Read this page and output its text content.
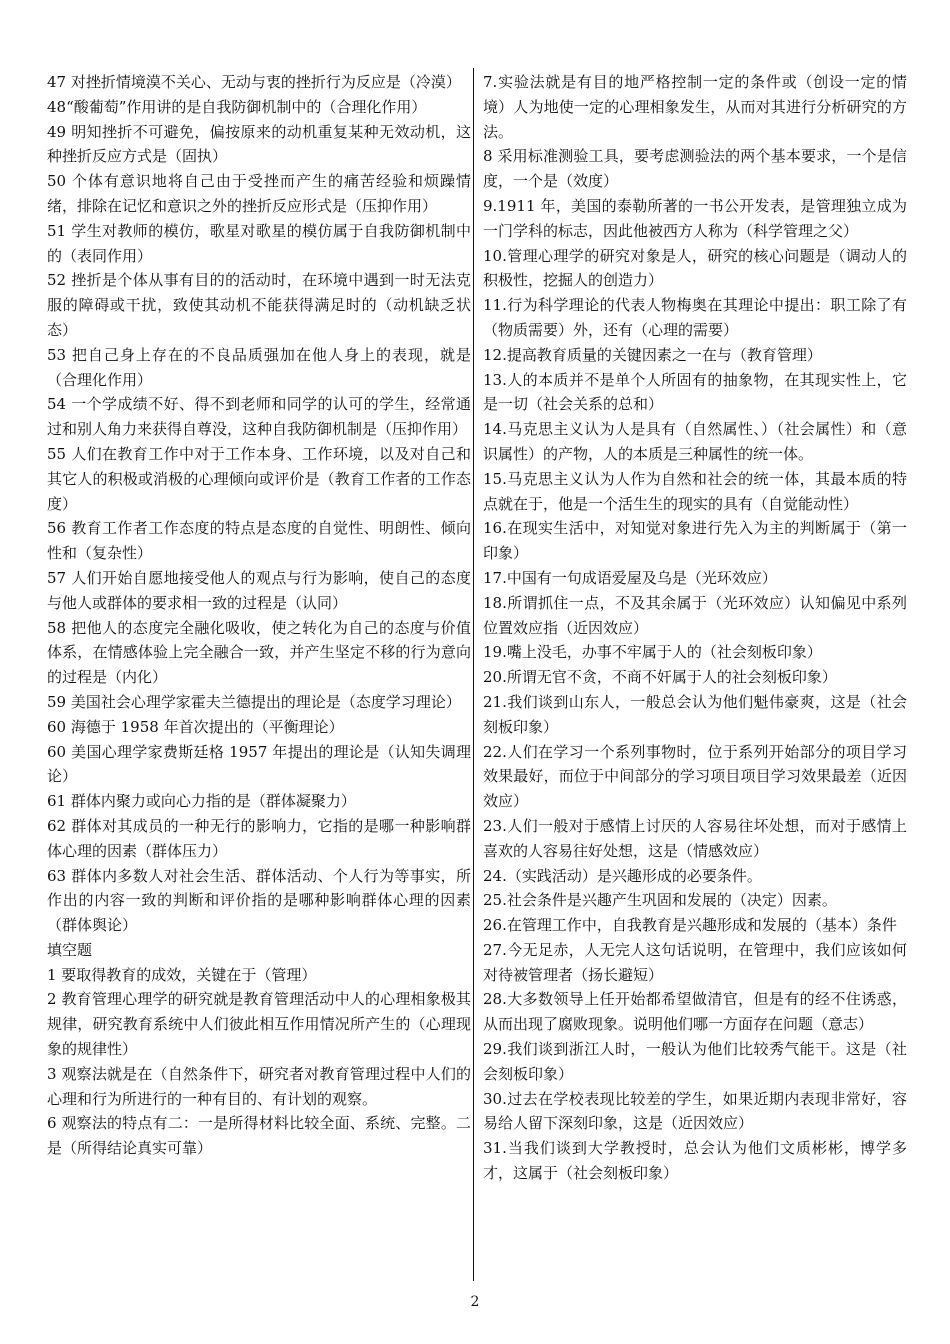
47 对挫折情境漠不关心、无动与衷的挫折行为反应是（冷漠）

48“酸葡萄”作用讲的是自我防御机制中的（合理化作用）

49 明知挫折不可避免，偏按原来的动机重复某种无效动机，这种挫折反应方式是（固执）

50 个体有意识地将自己由于受挫而产生的痛苦经验和烦躁情绪，排除在记忆和意识之外的挫折反应形式是（压抑作用）

51 学生对教师的模仿，歌星对歌星的模仿属于自我防御机制中的（表同作用）

52 挫折是个体从事有目的的活动时，在环境中遇到一时无法克服的障碍或干扰，致使其动机不能获得满足时的（动机缺乏状态）

53 把自己身上存在的不良品质强加在他人身上的表现，就是（合理化作用）

54 一个学成绩不好、得不到老师和同学的认可的学生，经常通过和别人角力来获得自尊没，这种自我防御机制是（压抑作用）

55 人们在教育工作中对于工作本身、工作环境，以及对自己和其它人的积极或消极的心理倾向或评价是（教育工作者的工作态度）

56 教育工作者工作态度的特点是态度的自觉性、明朗性、倾向性和（复杂性）

57 人们开始自愿地接受他人的观点与行为影响，使自己的态度与他人或群体的要求相一致的过程是（认同）

58 把他人的态度完全融化吸收，使之转化为自己的态度与价值体系，在情感体验上完全融合一致，并产生坚定不移的行为意向的过程是（内化）

59 美国社会心理学家霍夫兰德提出的理论是（态度学习理论）

60 海德于 1958 年首次提出的（平衡理论）

60 美国心理学家费斯廷格 1957 年提出的理论是（认知失调理论）

61 群体内聚力或向心力指的是（群体凝聚力）

62 群体对其成员的一种无行的影响力，它指的是哪一种影响群体心理的因素（群体压力）

63 群体内多数人对社会生活、群体活动、个人行为等事实，所作出的内容一致的判断和评价指的是哪种影响群体心理的因素（群体舆论）

填空题

1 要取得教育的成效，关键在于（管理）

2 教育管理心理学的研究就是教育管理活动中人的心理相象极其规律，研究教育系统中人们彼此相互作用情况所产生的（心理现象的规律性）

3 观察法就是在（自然条件下，研究者对教育管理过程中人们的心理和行为所进行的一种有目的、有计划的观察。

6 观察法的特点有二：一是所得材料比较全面、系统、完整。二是（所得结论真实可靠）

7.实验法就是有目的地严格控制一定的条件或（创设一定的情境）人为地使一定的心理相象发生，从而对其进行分析研究的方法。

8 采用标准测验工具，要考虑测验法的两个基本要求，一个是信度，一个是（效度）

9.1911 年，美国的泰勒所著的一书公开发表，是管理独立成为一门学科的标志，因此他被西方人称为（科学管理之父）

10.管理心理学的研究对象是人，研究的核心问题是（调动人的积极性，挖掘人的创造力）

11.行为科学理论的代表人物梅奥在其理论中提出：职工除了有（物质需要）外，还有（心理的需要）

12.提高教育质量的关键因素之一在与（教育管理）

13.人的本质并不是单个人所固有的抽象物，在其现实性上，它是一切（社会关系的总和）

14.马克思主义认为人是具有（自然属性、）（社会属性）和（意识属性）的产物，人的本质是三种属性的统一体。

15.马克思主义认为人作为自然和社会的统一体，其最本质的特点就在于，他是一个活生生的现实的具有（自觉能动性）

16.在现实生活中，对知觉对象进行先入为主的判断属于（第一印象）

17.中国有一句成语爱屋及乌是（光环效应）

18.所谓抓住一点，不及其余属于（光环效应）认知偏见中系列位置效应指（近因效应）

19.嘴上没毛，办事不牢属于人的（社会刻板印象）

20.所谓无官不贪，不商不奸属于人的社会刻板印象）

21.我们谈到山东人，一般总会认为他们魁伟豪爽，这是（社会刻板印象）

22.人们在学习一个系列事物时，位于系列开始部分的项目学习效果最好，而位于中间部分的学习项目项目学习效果最差（近因效应）

23.人们一般对于感情上讨厌的人容易往坏处想，而对于感情上喜欢的人容易往好处想，这是（情感效应）

24.（实践活动）是兴趣形成的必要条件。

25.社会条件是兴趣产生巩固和发展的（决定）因素。

26.在管理工作中，自我教育是兴趣形成和发展的（基本）条件

27.今无足赤，人无完人这句话说明，在管理中，我们应该如何对待被管理者（扬长避短）

28.大多数领导上任开始都希望做清官，但是有的经不住诱惑，从而出现了腐败现象。说明他们哪一方面存在问题（意志）

29.我们谈到浙江人时，一般认为他们比较秀气能干。这是（社会刻板印象）

30.过去在学校表现比较差的学生，如果近期内表现非常好，容易给人留下深刻印象，这是（近因效应）

31.当我们谈到大学教授时，总会认为他们文质彬彬，博学多才，这属于（社会刻板印象）

2
